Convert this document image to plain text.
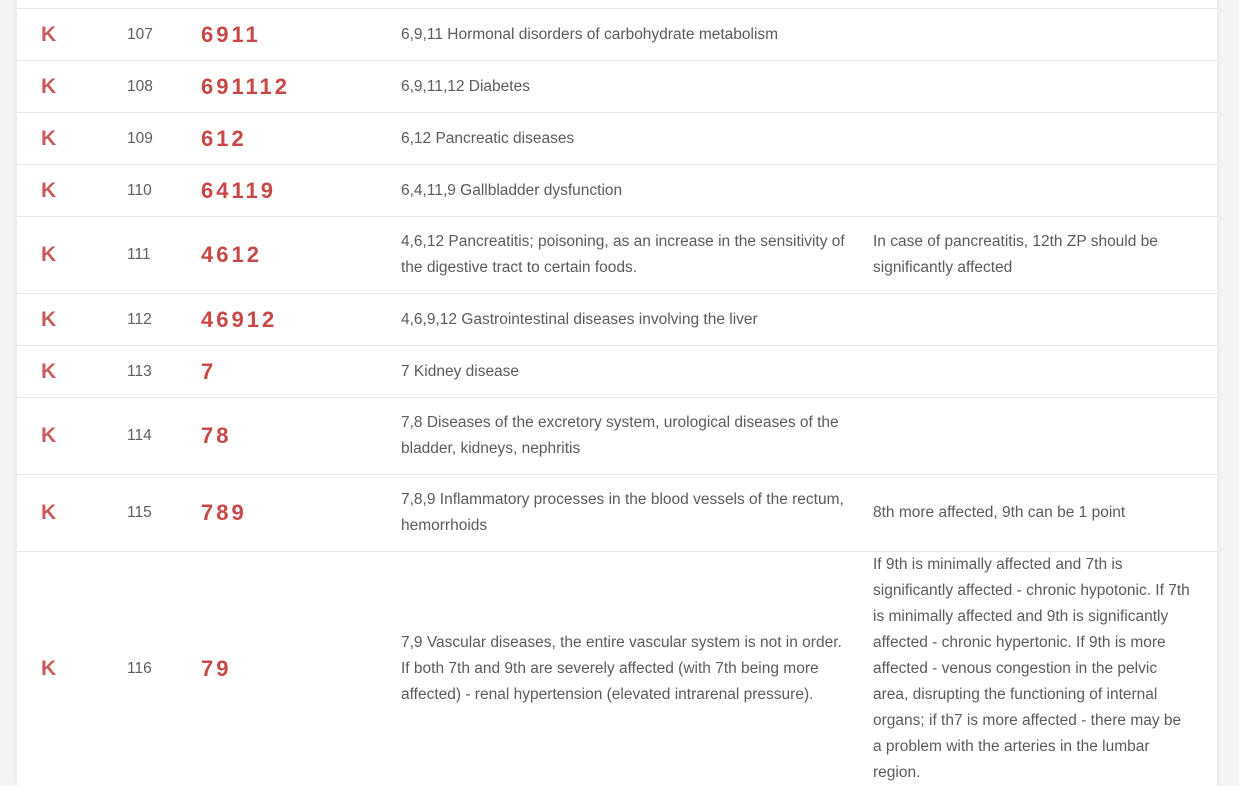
K	107	6911	6,9,11 Hormonal disorders of carbohydrate metabolism	
K	108	691112	6,9,11,12 Diabetes	
K	109	612	6,12 Pancreatic diseases	
K	110	64119	6,4,11,9 Gallbladder dysfunction	
K	111	4612	4,6,12 Pancreatitis; poisoning, as an increase in the sensitivity of the digestive tract to certain foods.	In case of pancreatitis, 12th ZP should be significantly affected
K	112	46912	4,6,9,12 Gastrointestinal diseases involving the liver	
K	113	7	7 Kidney disease	
K	114	78	7,8 Diseases of the excretory system, urological diseases of the bladder, kidneys, nephritis	
K	115	789	7,8,9 Inflammatory processes in the blood vessels of the rectum, hemorrhoids	8th more affected, 9th can be 1 point
K	116	79	7,9 Vascular diseases, the entire vascular system is not in order. If both 7th and 9th are severely affected (with 7th being more affected) - renal hypertension (elevated intrarenal pressure).	If 9th is minimally affected and 7th is significantly affected - chronic hypotonic. If 7th is minimally affected and 9th is significantly affected - chronic hypertonic. If 9th is more affected - venous congestion in the pelvic area, disrupting the functioning of internal organs; if th7 is more affected - there may be a problem with the arteries in the lumbar region.
